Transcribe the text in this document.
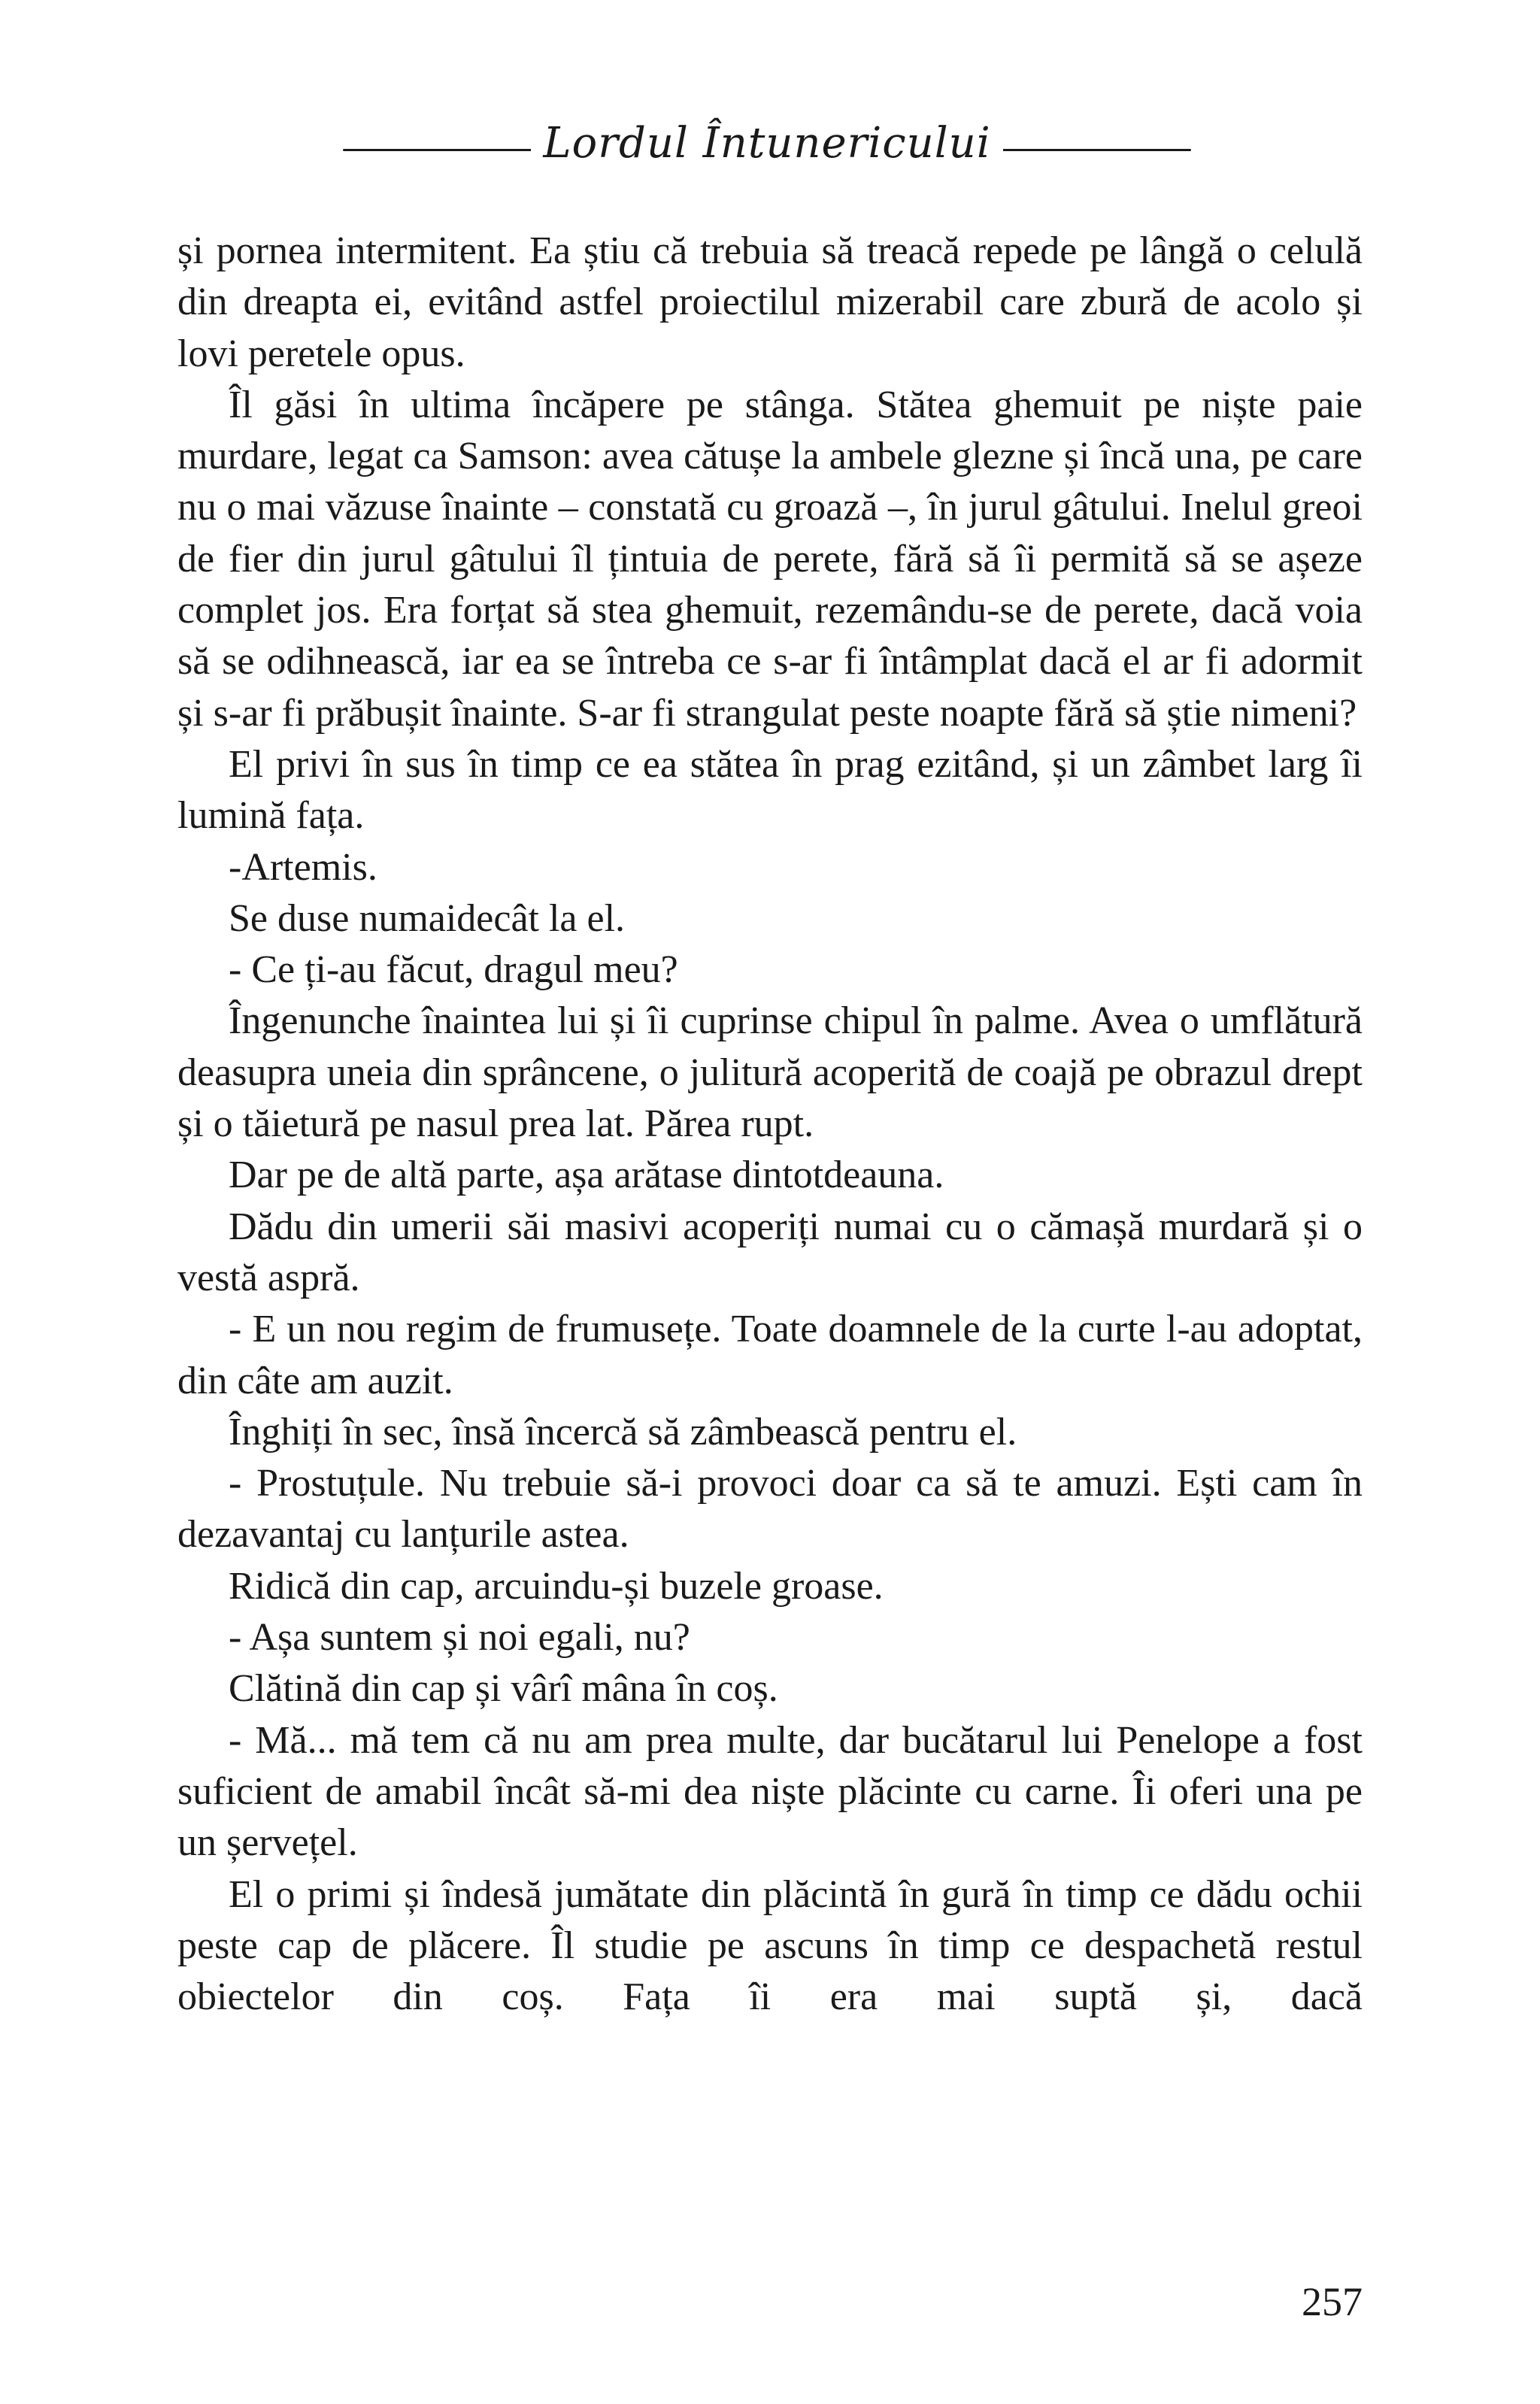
Lordul Întunericului

și pornea intermitent. Ea știu că trebuia să treacă repede pe lângă o celulă din dreapta ei, evitând astfel proiectilul mizerabil care zbură de acolo și lovi peretele opus.

Îl găsi în ultima încăpere pe stânga. Stătea ghemuit pe niște paie murdare, legat ca Samson: avea cătușe la ambele glezne și încă una, pe care nu o mai văzuse înainte – constată cu groază –, în jurul gâtului. Inelul greoi de fier din jurul gâtului îl țintuia de perete, fără să îi permită să se așeze complet jos. Era forțat să stea ghemuit, rezemându-se de perete, dacă voia să se odihnească, iar ea se întreba ce s-ar fi întâmplat dacă el ar fi adormit și s-ar fi prăbușit înainte. S-ar fi strangulat peste noapte fără să știe nimeni?

El privi în sus în timp ce ea stătea în prag ezitând, și un zâmbet larg îi lumină fața.

-Artemis.

Se duse numaidecât la el.

- Ce ți-au făcut, dragul meu?

Îngenunche înaintea lui și îi cuprinse chipul în palme. Avea o umflătură deasupra uneia din sprâncene, o julitură acoperită de coajă pe obrazul drept și o tăietură pe nasul prea lat. Părea rupt.

Dar pe de altă parte, așa arătase dintotdeauna.

Dădu din umerii săi masivi acoperiți numai cu o cămașă murdară și o vestă aspră.

- E un nou regim de frumusețe. Toate doamnele de la curte l-au adoptat, din câte am auzit.

Înghiți în sec, însă încercă să zâmbească pentru el.

- Prostuțule. Nu trebuie să-i provoci doar ca să te amuzi. Ești cam în dezavantaj cu lanțurile astea.

Ridică din cap, arcuindu-și buzele groase.

- Așa suntem și noi egali, nu?

Clătină din cap și vârî mâna în coș.

- Mă... mă tem că nu am prea multe, dar bucătarul lui Penelope a fost suficient de amabil încât să-mi dea niște plăcinte cu carne. Îi oferi una pe un șervețel.

El o primi și îndesă jumătate din plăcintă în gură în timp ce dădu ochii peste cap de plăcere. Îl studie pe ascuns în timp ce despachetă restul obiectelor din coș. Fața îi era mai suptă și, dacă

257
